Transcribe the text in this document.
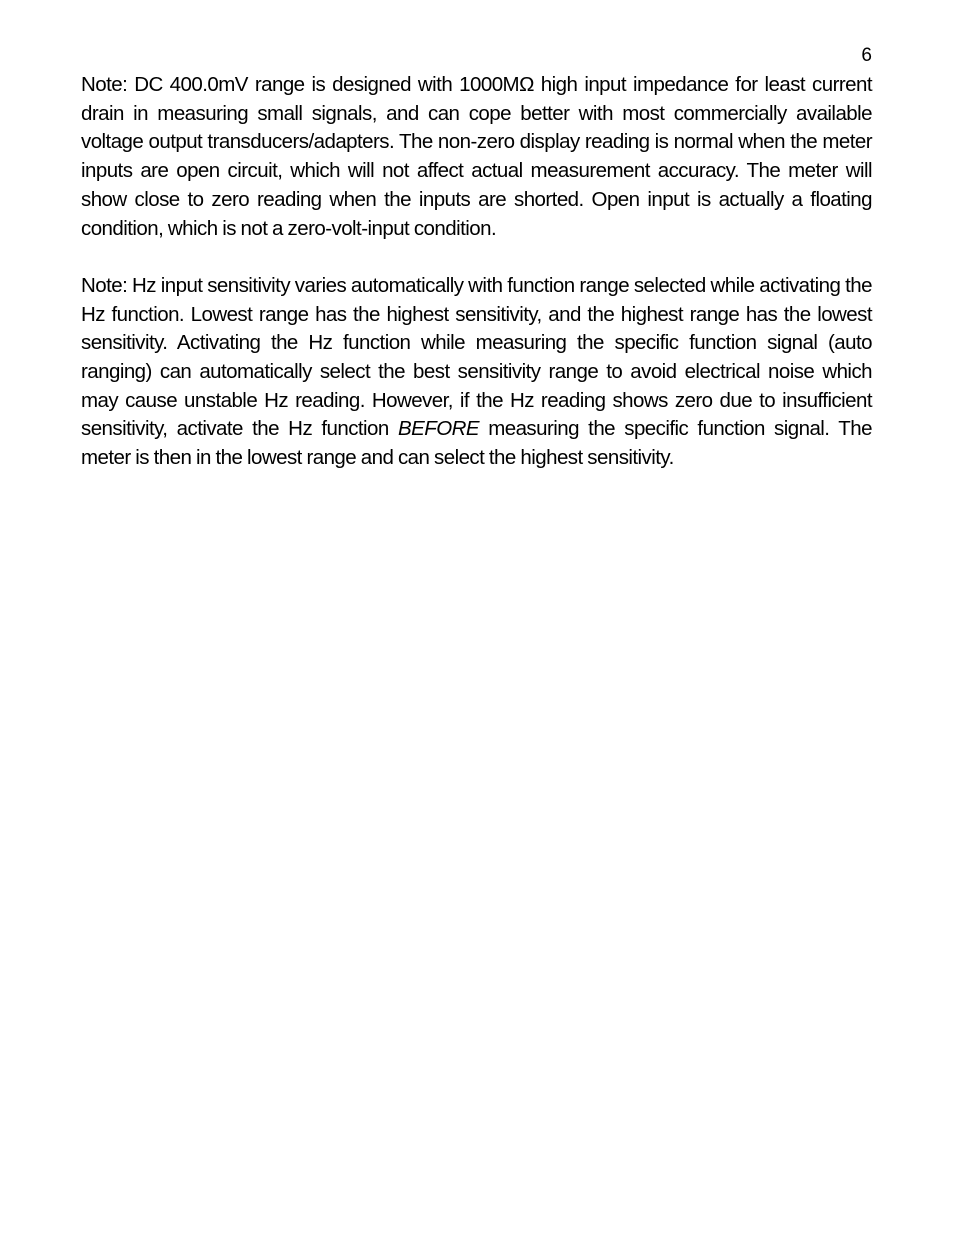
6

Note: DC 400.0mV range is designed with 1000MΩ high input impedance for least current drain in measuring small signals, and can cope better with most commercially available voltage output transducers/adapters. The non-zero display reading is normal when the meter inputs are open circuit, which will not affect actual measurement accuracy. The meter will show close to zero reading when the inputs are shorted. Open input is actually a floating condition, which is not a zero-volt-input condition.

Note: Hz input sensitivity varies automatically with function range selected while activating the Hz function. Lowest range has the highest sensitivity, and the highest range has the lowest sensitivity. Activating the Hz function while measuring the specific function signal (auto ranging) can automatically select the best sensitivity range to avoid electrical noise which may cause unstable Hz reading. However, if the Hz reading shows zero due to insufficient sensitivity, activate the Hz function BEFORE measuring the specific function signal. The meter is then in the lowest range and can select the highest sensitivity.
